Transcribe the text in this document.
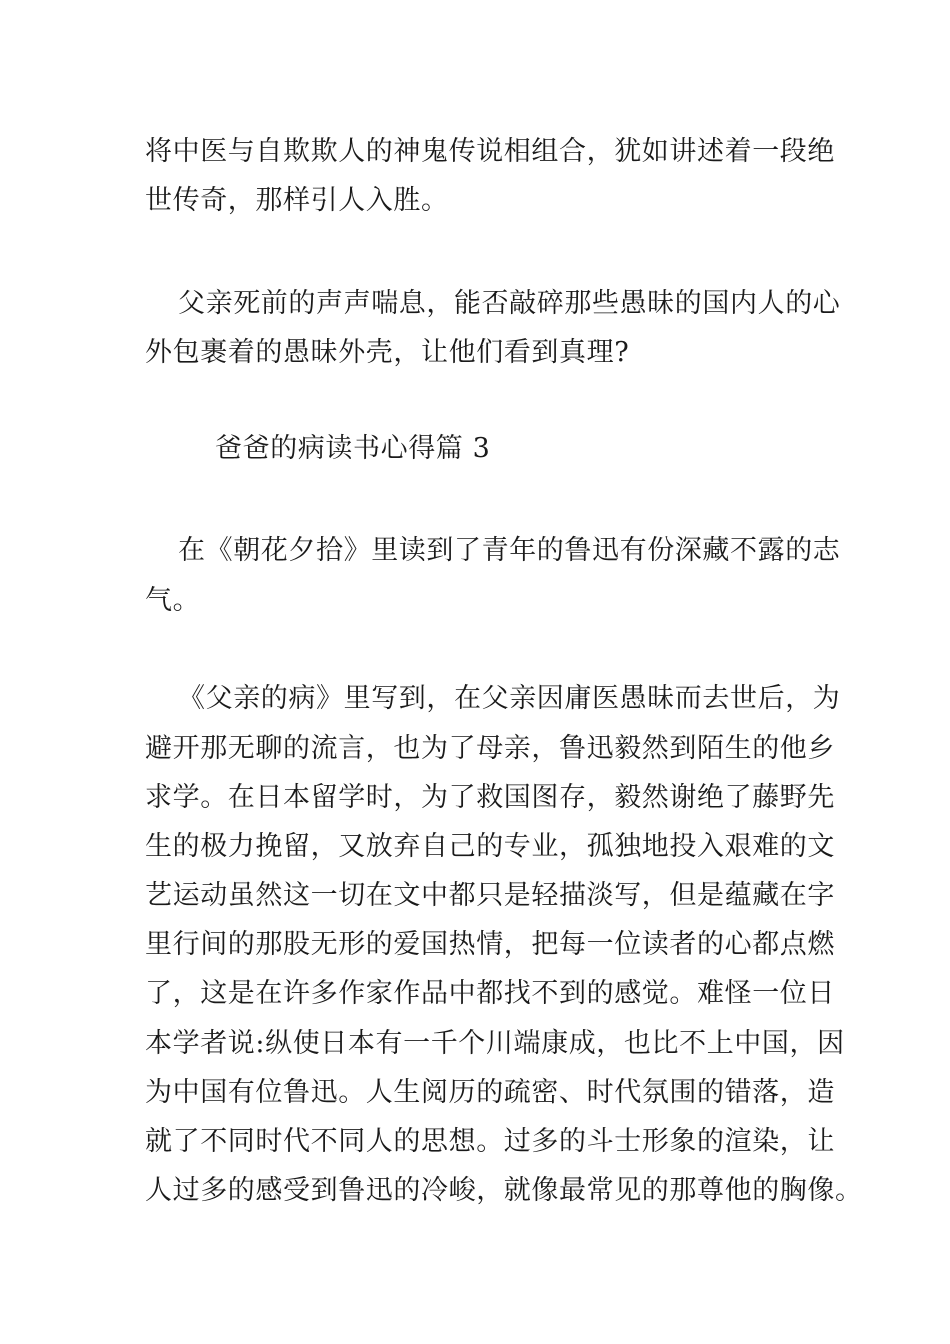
将中医与自欺欺人的神鬼传说相组合，犹如讲述着一段绝
世传奇，那样引人入胜。
父亲死前的声声喘息，能否敲碎那些愚昧的国内人的心
外包裹着的愚昧外壳，让他们看到真理?
爸爸的病读书心得篇 3
在《朝花夕拾》里读到了青年的鲁迅有份深藏不露的志
气。
《父亲的病》里写到，在父亲因庸医愚昧而去世后，为
避开那无聊的流言，也为了母亲，鲁迅毅然到陌生的他乡
求学。在日本留学时，为了救国图存，毅然谢绝了藤野先
生的极力挽留，又放弃自己的专业，孤独地投入艰难的文
艺运动虽然这一切在文中都只是轻描淡写，但是蕴藏在字
里行间的那股无形的爱国热情，把每一位读者的心都点燃
了，这是在许多作家作品中都找不到的感觉。难怪一位日
本学者说:纵使日本有一千个川端康成，也比不上中国，因
为中国有位鲁迅。人生阅历的疏密、时代氛围的错落，造
就了不同时代不同人的思想。过多的斗士形象的渲染，让
人过多的感受到鲁迅的冷峻，就像最常见的那尊他的胸像。
